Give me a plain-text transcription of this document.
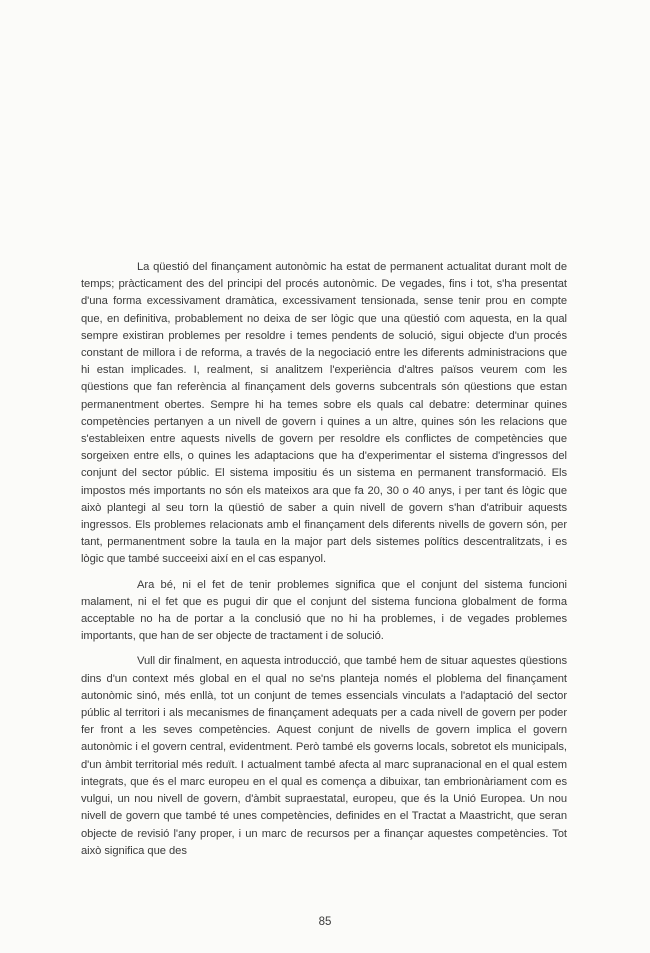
La qüestió del finançament autonòmic ha estat de permanent actualitat durant molt de temps; pràcticament des del principi del procés autonòmic. De vegades, fins i tot, s'ha presentat d'una forma excessivament dramàtica, excessivament tensionada, sense tenir prou en compte que, en definitiva, probablement no deixa de ser lògic que una qüestió com aquesta, en la qual sempre existiran problemes per resoldre i temes pendents de solució, sigui objecte d'un procés constant de millora i de reforma, a través de la negociació entre les diferents administracions que hi estan implicades. I, realment, si analitzem l'experiència d'altres països veurem com les qüestions que fan referència al finançament dels governs subcentrals són qüestions que estan permanentment obertes. Sempre hi ha temes sobre els quals cal debatre: determinar quines competències pertanyen a un nivell de govern i quines a un altre, quines són les relacions que s'estableixen entre aquests nivells de govern per resoldre els conflictes de competències que sorgeixen entre ells, o quines les adaptacions que ha d'experimentar el sistema d'ingressos del conjunt del sector públic. El sistema impositiu és un sistema en permanent transformació. Els impostos més importants no són els mateixos ara que fa 20, 30 o 40 anys, i per tant és lògic que això plantegi al seu torn la qüestió de saber a quin nivell de govern s'han d'atribuir aquests ingressos. Els problemes relacionats amb el finançament dels diferents nivells de govern són, per tant, permanentment sobre la taula en la major part dels sistemes polítics descentralitzats, i es lògic que també succeeixi així en el cas espanyol.

Ara bé, ni el fet de tenir problemes significa que el conjunt del sistema funcioni malament, ni el fet que es pugui dir que el conjunt del sistema funciona globalment de forma acceptable no ha de portar a la conclusió que no hi ha problemes, i de vegades problemes importants, que han de ser objecte de tractament i de solució.

Vull dir finalment, en aquesta introducció, que també hem de situar aquestes qüestions dins d'un context més global en el qual no se'ns planteja només el ploblema del finançament autonòmic sinó, més enllà, tot un conjunt de temes essencials vinculats a l'adaptació del sector públic al territori i als mecanismes de finançament adequats per a cada nivell de govern per poder fer front a les seves competències. Aquest conjunt de nivells de govern implica el govern autonòmic i el govern central, evidentment. Però també els governs locals, sobretot els municipals, d'un àmbit territorial més reduït. I actualment també afecta al marc supranacional en el qual estem integrats, que és el marc europeu en el qual es comença a dibuixar, tan embrionàriament com es vulgui, un nou nivell de govern, d'àmbit supraestatal, europeu, que és la Unió Europea. Un nou nivell de govern que també té unes competències, definides en el Tractat a Maastricht, que seran objecte de revisió l'any proper, i un marc de recursos per a finançar aquestes competències. Tot això significa que des

85
